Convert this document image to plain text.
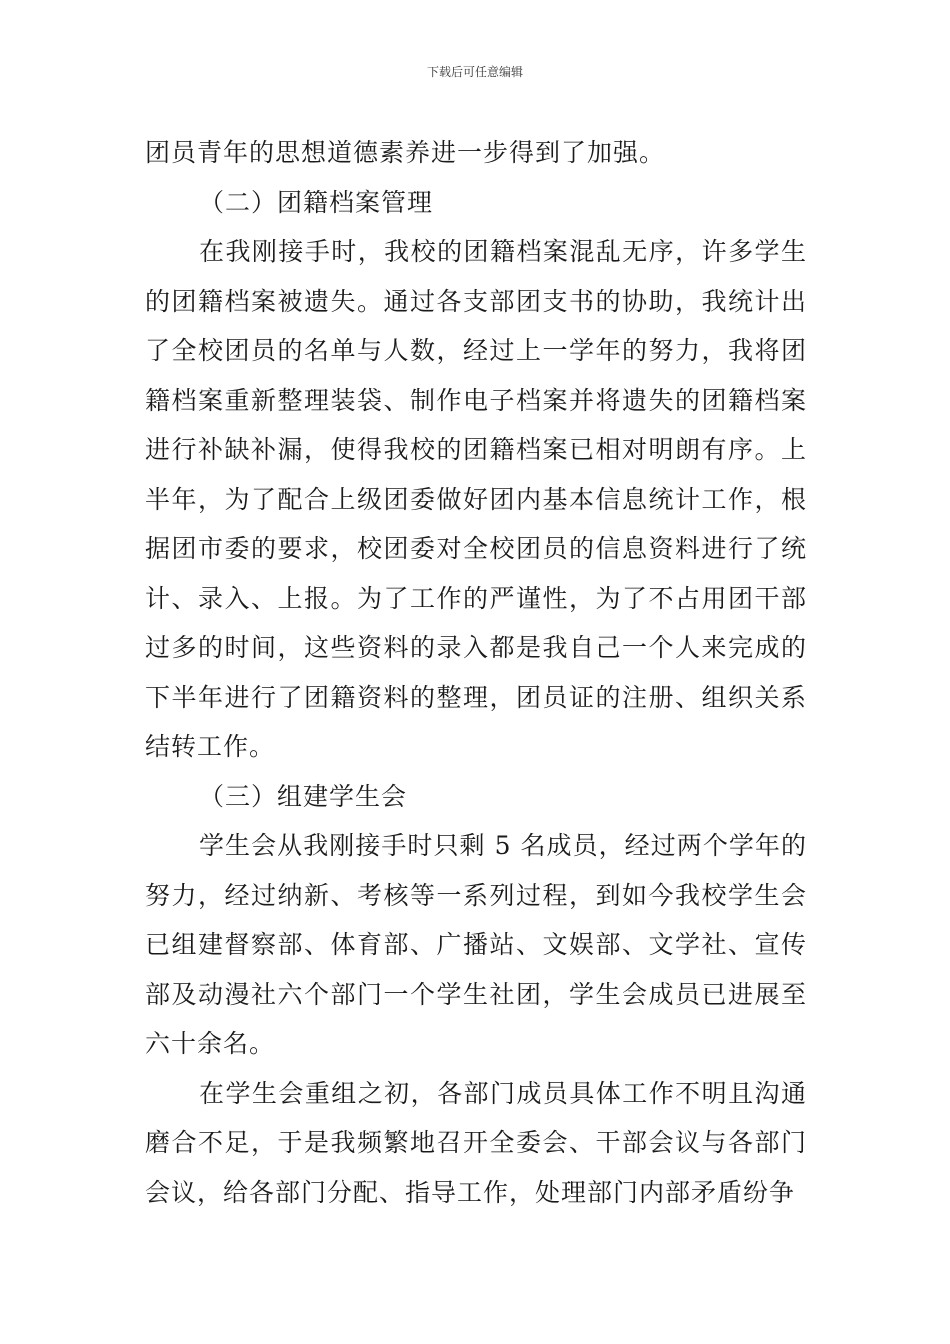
下载后可任意编辑

团员青年的思想道德素养进一步得到了加强。

（二）团籍档案管理

在我刚接手时，我校的团籍档案混乱无序，许多学生的团籍档案被遗失。通过各支部团支书的协助，我统计出了全校团员的名单与人数，经过上一学年的努力，我将团籍档案重新整理装袋、制作电子档案并将遗失的团籍档案进行补缺补漏，使得我校的团籍档案已相对明朗有序。上半年，为了配合上级团委做好团内基本信息统计工作，根据团市委的要求，校团委对全校团员的信息资料进行了统计、录入、上报。为了工作的严谨性，为了不占用团干部过多的时间，这些资料的录入都是我自己一个人来完成的下半年进行了团籍资料的整理，团员证的注册、组织关系结转工作。

（三）组建学生会

学生会从我刚接手时只剩 5 名成员，经过两个学年的努力，经过纳新、考核等一系列过程，到如今我校学生会已组建督察部、体育部、广播站、文娱部、文学社、宣传部及动漫社六个部门一个学生社团，学生会成员已进展至六十余名。

在学生会重组之初，各部门成员具体工作不明且沟通磨合不足，于是我频繁地召开全委会、干部会议与各部门会议，给各部门分配、指导工作，处理部门内部矛盾纷争
